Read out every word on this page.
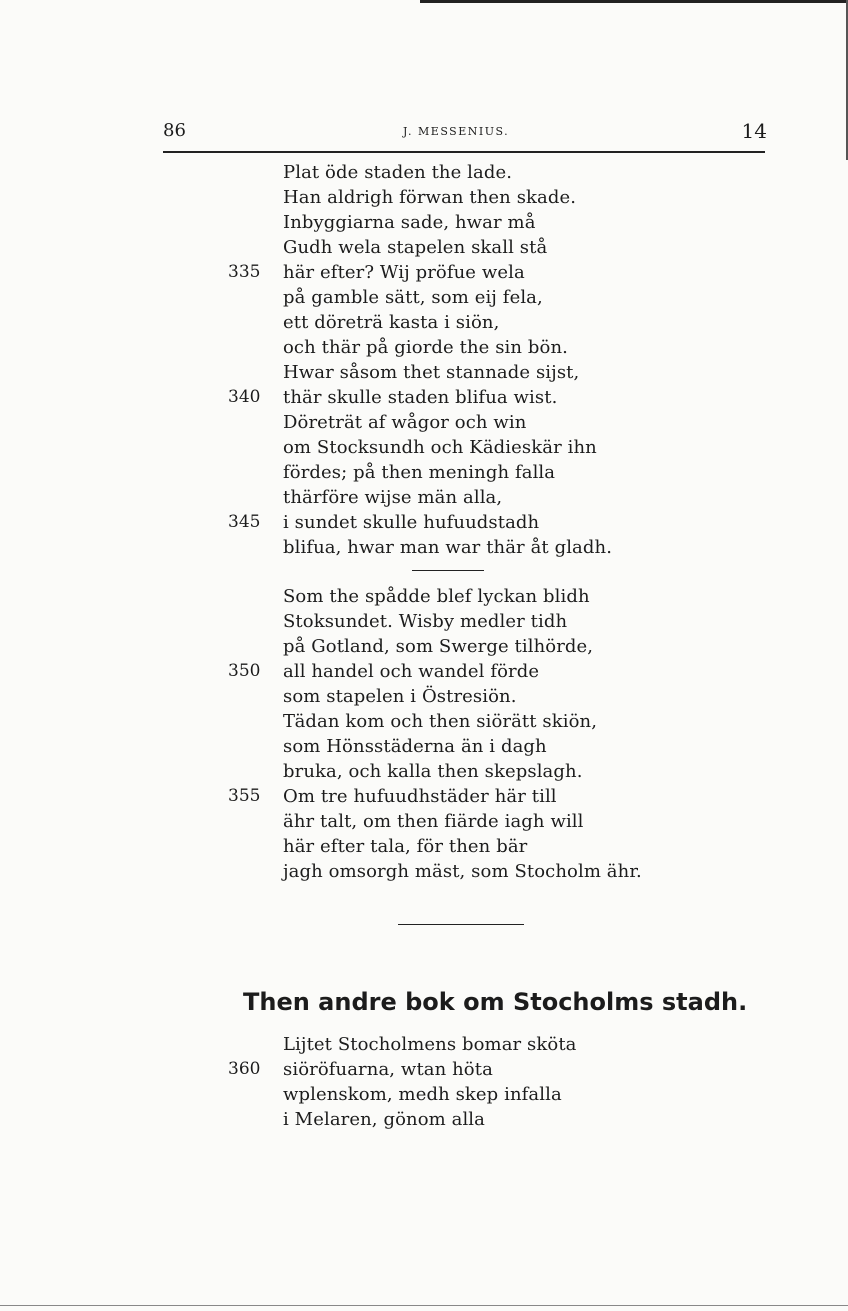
86	J. MESSENIUS.	14
Plat öde staden the lade.
Han aldrigh förwan then skade.
Inbyggiarna sade, hwar må
Gudh wela stapelen skall stå
335 här efter? Wij pröfue wela
på gamble sätt, som eij fela,
ett döreträ kasta i siön,
och thär på giorde the sin bön.
Hwar såsom thet stannade sijst,
340 thär skulle staden blifua wist.
Döreträt af wågor och win
om Stocksundh och Kädieskär ihn
fördes; på then meningh falla
thärföre wijse män alla,
345 i sundet skulle hufuudstadh
blifua, hwar man war thär åt gladh.
Som the spådde blef lyckan blidh
Stoksundet. Wisby medler tidh
på Gotland, som Swerge tilhörde,
350 all handel och wandel förde
som stapelen i Östresiön.
Tädan kom och then siörätt skiön,
som Hönsstäderna än i dagh
bruka, och kalla then skepslagh.
355 Om tre hufuudhstäder här till
ähr talt, om then fiärde iagh will
här efter tala, för then bär
jagh omsorgh mäst, som Stocholm ähr.
Then andre bok om Stocholms stadh.
Lijtet Stocholmens bomar sköta
360 siöröfuarna, wtan höta
wplenskom, medh skep infalla
i Melaren, gönom alla
